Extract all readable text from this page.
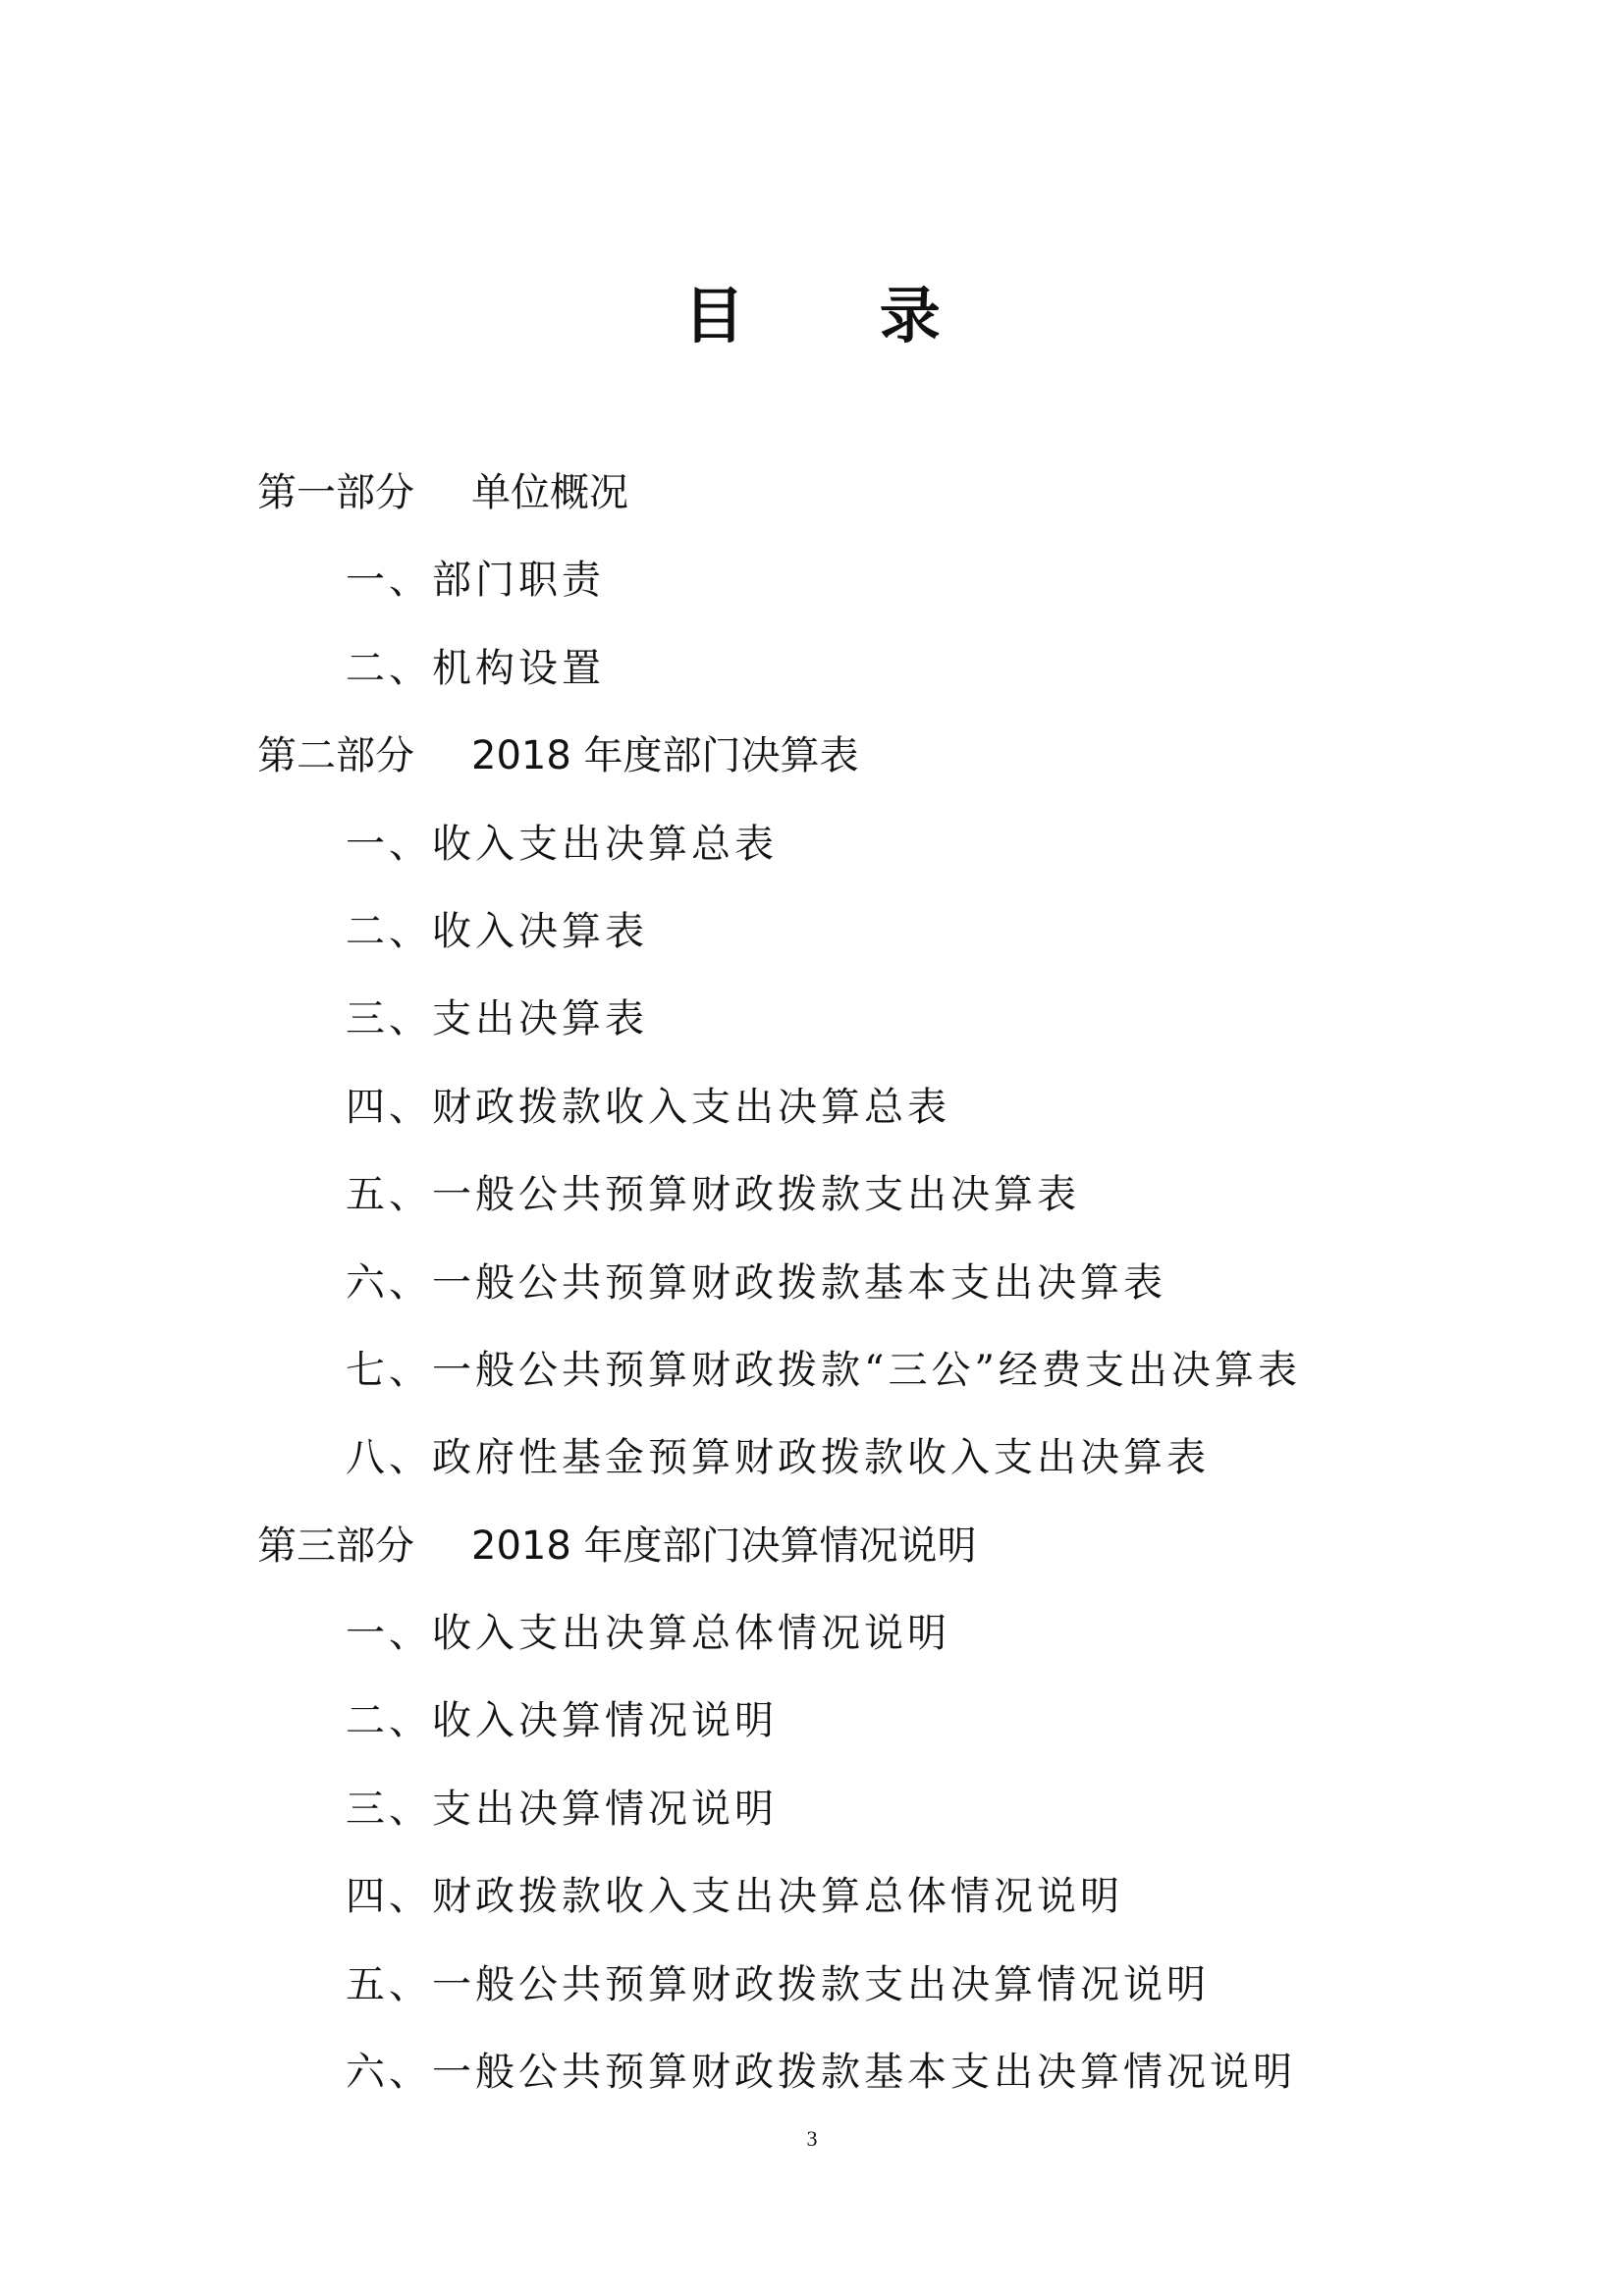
目 录
第一部分 单位概况
一、部门职责
二、机构设置
第二部分 2018 年度部门决算表
一、收入支出决算总表
二、收入决算表
三、支出决算表
四、财政拨款收入支出决算总表
五、一般公共预算财政拨款支出决算表
六、一般公共预算财政拨款基本支出决算表
七、一般公共预算财政拨款“三公”经费支出决算表
八、政府性基金预算财政拨款收入支出决算表
第三部分 2018 年度部门决算情况说明
一、收入支出决算总体情况说明
二、收入决算情况说明
三、支出决算情况说明
四、财政拨款收入支出决算总体情况说明
五、一般公共预算财政拨款支出决算情况说明
六、一般公共预算财政拨款基本支出决算情况说明
3
